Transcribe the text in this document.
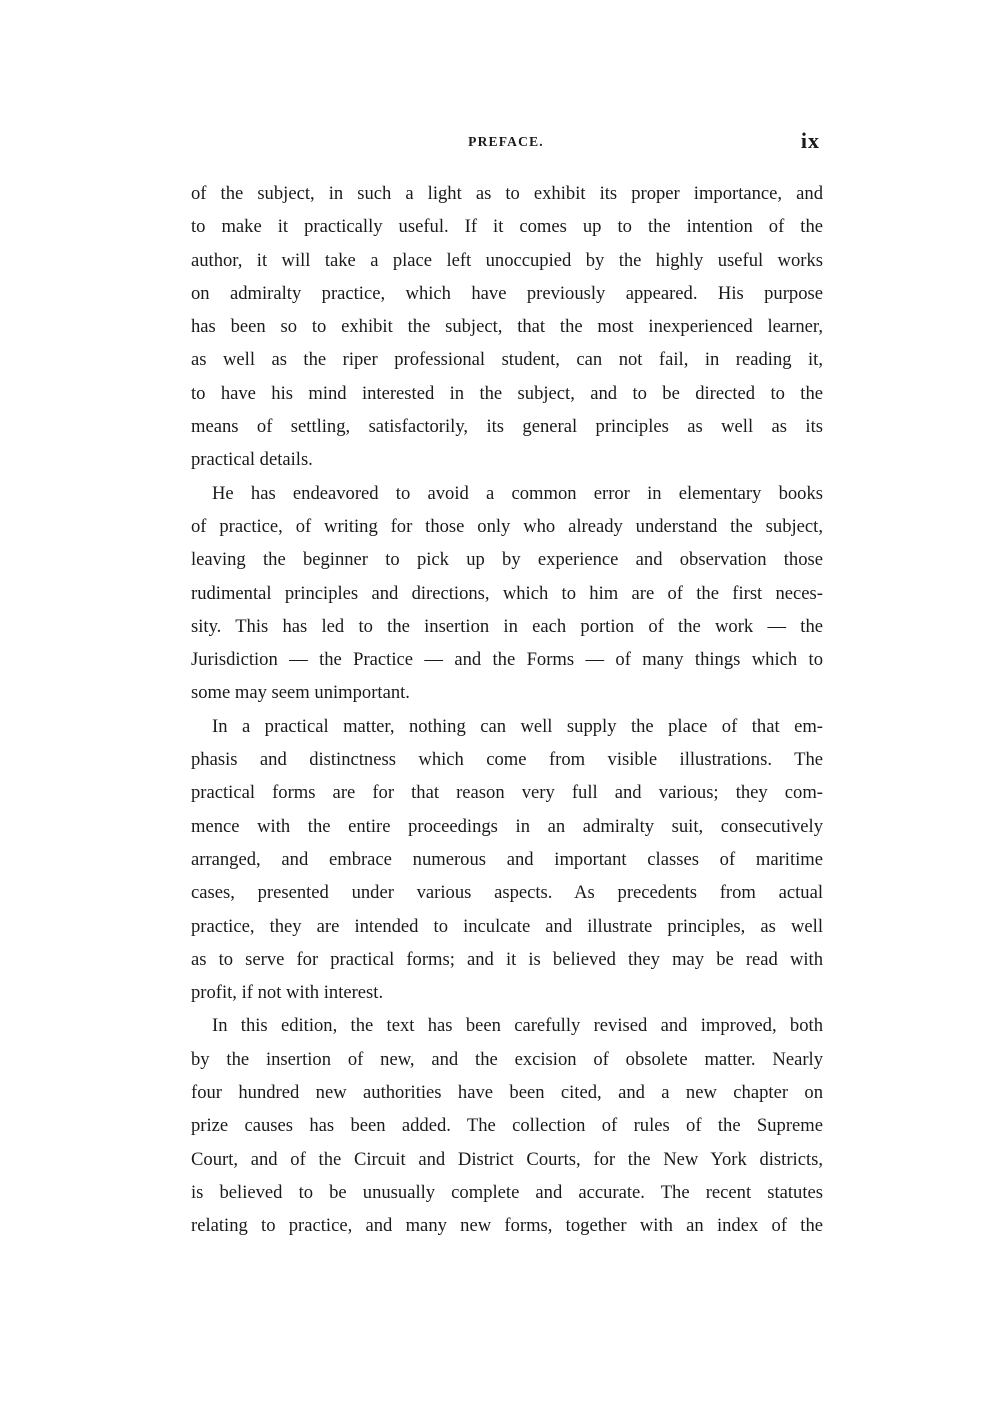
PREFACE.	ix
of the subject, in such a light as to exhibit its proper importance, and
to make it practically useful. If it comes up to the intention of the
author, it will take a place left unoccupied by the highly useful works
on admiralty practice, which have previously appeared. His purpose
has been so to exhibit the subject, that the most inexperienced learner,
as well as the riper professional student, can not fail, in reading it,
to have his mind interested in the subject, and to be directed to the
means of settling, satisfactorily, its general principles as well as its
practical details.
He has endeavored to avoid a common error in elementary books
of practice, of writing for those only who already understand the subject,
leaving the beginner to pick up by experience and observation those
rudimental principles and directions, which to him are of the first neces-
sity. This has led to the insertion in each portion of the work — the
Jurisdiction — the Practice — and the Forms — of many things which to
some may seem unimportant.
In a practical matter, nothing can well supply the place of that em-
phasis and distinctness which come from visible illustrations. The
practical forms are for that reason very full and various; they com-
mence with the entire proceedings in an admiralty suit, consecutively
arranged, and embrace numerous and important classes of maritime
cases, presented under various aspects. As precedents from actual
practice, they are intended to inculcate and illustrate principles, as well
as to serve for practical forms; and it is believed they may be read with
profit, if not with interest.
In this edition, the text has been carefully revised and improved, both
by the insertion of new, and the excision of obsolete matter. Nearly
four hundred new authorities have been cited, and a new chapter on
prize causes has been added. The collection of rules of the Supreme
Court, and of the Circuit and District Courts, for the New York districts,
is believed to be unusually complete and accurate. The recent statutes
relating to practice, and many new forms, together with an index of the
